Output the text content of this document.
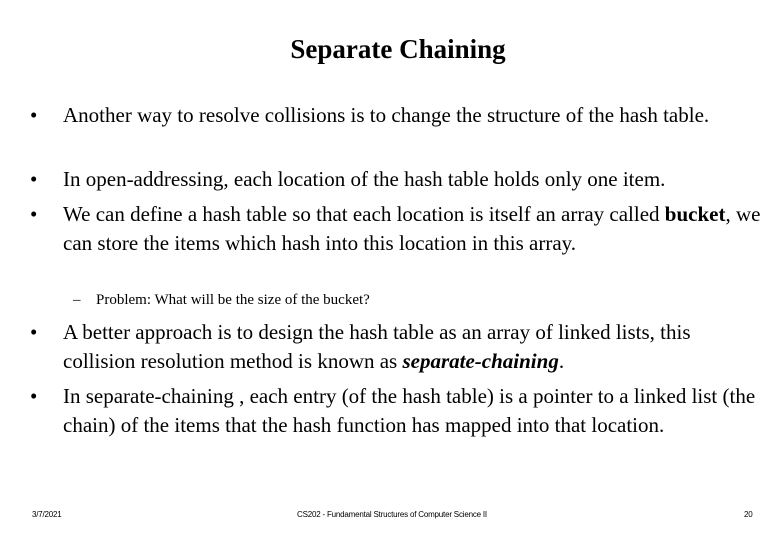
Separate Chaining
• Another way to resolve collisions is to change the structure of the hash table.
• In open-addressing, each location of the hash table holds only one item.
• We can define a hash table so that each location is itself an array called bucket, we can store the items which hash into this location in this array.
– Problem: What will be the size of the bucket?
• A better approach is to design the hash table as an array of linked lists, this collision resolution method is known as separate-chaining.
• In separate-chaining , each entry (of the hash table) is a pointer to a linked list (the chain) of the items that the hash function has mapped into that location.
3/7/2021	CS202 - Fundamental Structures of Computer Science II	20
